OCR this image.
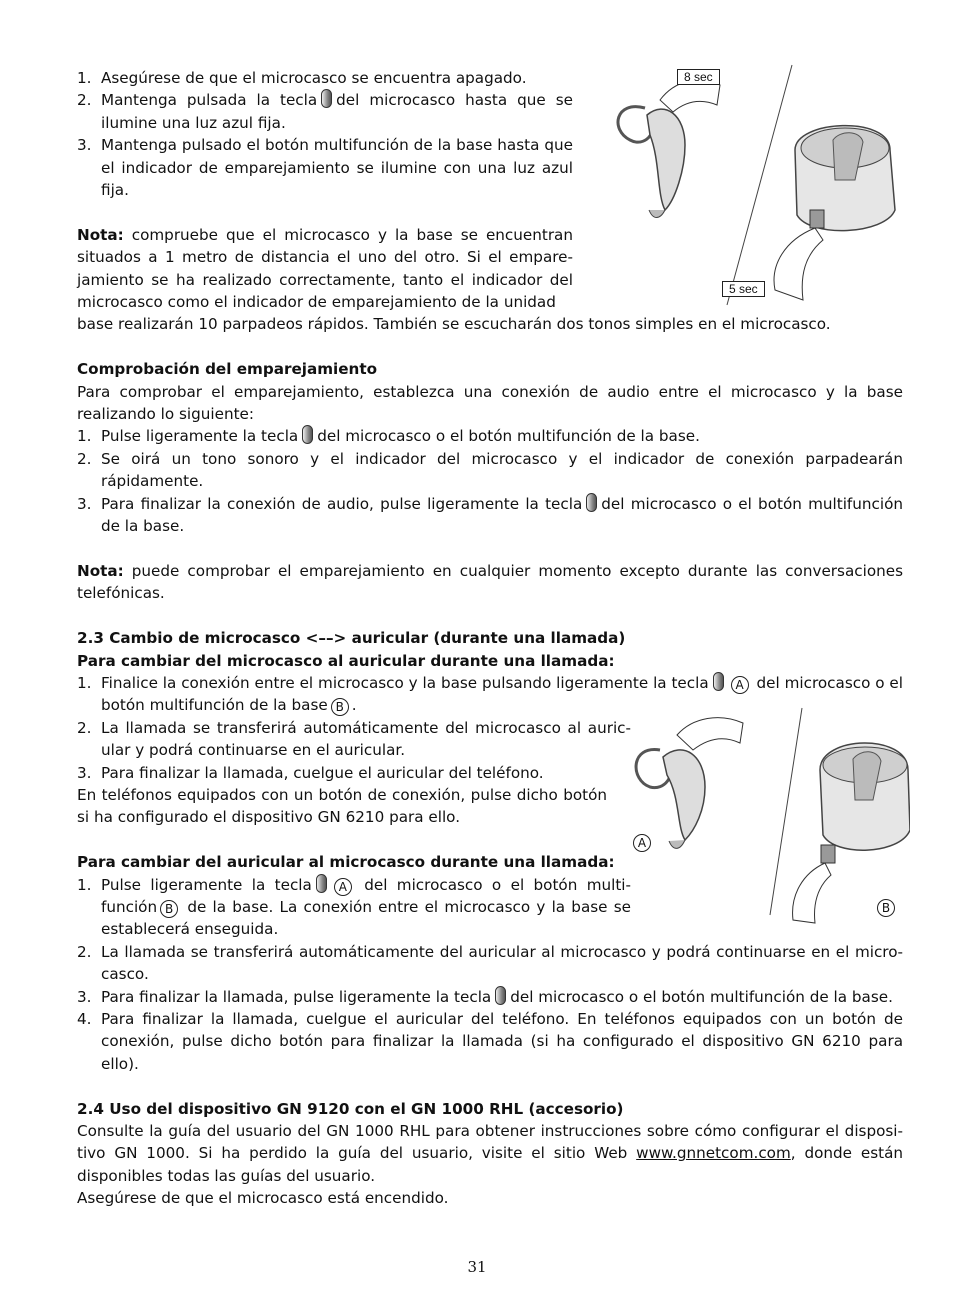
1. Asegúrese de que el microcasco se encuentra apagado.
2. Mantenga pulsada la tecla del microcasco hasta que se ilumine una luz azul fija.
3. Mantenga pulsado el botón multifunción de la base hasta que el indicador de emparejamiento se ilumine con una luz azul fija.

Nota: compruebe que el microcasco y la base se encuentran situados a 1 metro de distancia el uno del otro. Si el emparejamiento se ha realizado correctamente, tanto el indicador del microcasco como el indicador de emparejamiento de la unidad

base realizarán 10 parpadeos rápidos. También se escucharán dos tonos simples en el microcasco.

Comprobación del emparejamiento

Para comprobar el emparejamiento, establezca una conexión de audio entre el microcasco y la base realizando lo siguiente:

1. Pulse ligeramente la tecla del microcasco o el botón multifunción de la base.
2. Se oirá un tono sonoro y el indicador del microcasco y el indicador de conexión parpadearán rápidamente.
3. Para finalizar la conexión de audio, pulse ligeramente la tecla del microcasco o el botón multifunción de la base.

Nota: puede comprobar el emparejamiento en cualquier momento excepto durante las conversaciones telefónicas.

2.3 Cambio de microcasco <––> auricular (durante una llamada)

Para cambiar del microcasco al auricular durante una llamada:

1. Finalice la conexión entre el microcasco y la base pulsando ligeramente la tecla A del microcasco o el botón multifunción de la base B .
2. La llamada se transferirá automáticamente del microcasco al auricular y podrá continuarse en el auricular.
3. Para finalizar la llamada, cuelgue el auricular del teléfono.

En teléfonos equipados con un botón de conexión, pulse dicho botón si ha configurado el dispositivo GN 6210 para ello.

Para cambiar del auricular al microcasco durante una llamada:

1. Pulse ligeramente la tecla A del microcasco o el botón multifunción B de la base. La conexión entre el microcasco y la base se establecerá enseguida.
2. La llamada se transferirá automáticamente del auricular al microcasco y podrá continuarse en el microcasco.
3. Para finalizar la llamada, pulse ligeramente la tecla del microcasco o el botón multifunción de la base.
4. Para finalizar la llamada, cuelgue el auricular del teléfono. En teléfonos equipados con un botón de conexión, pulse dicho botón para finalizar la llamada (si ha configurado el dispositivo GN 6210 para ello).

2.4 Uso del dispositivo GN 9120 con el GN 1000 RHL (accesorio)

Consulte la guía del usuario del GN 1000 RHL para obtener instrucciones sobre cómo configurar el dispositivo GN 1000. Si ha perdido la guía del usuario, visite el sitio Web www.gnnetcom.com, donde están disponibles todas las guías del usuario.

Asegúrese de que el microcasco está encendido.

8 sec
5 sec
A
B
31
